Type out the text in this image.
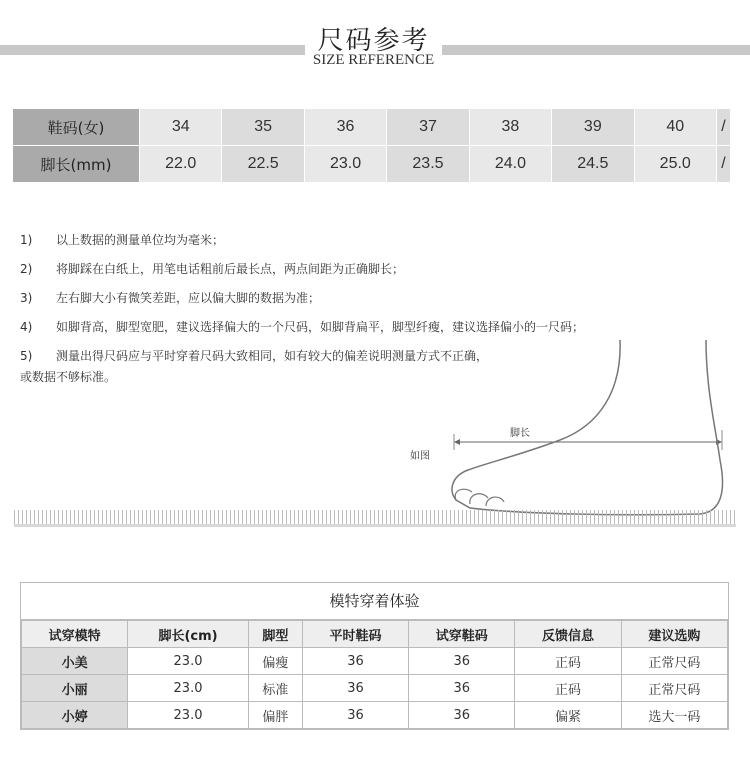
尺码参考
SIZE REFERENCE
鞋码(女)	34	35	36	37	38	39	40	/
脚长(mm)	22.0	22.5	23.0	23.5	24.0	24.5	25.0	/
1) 以上数据的测量单位均为毫米；
2) 将脚踩在白纸上，用笔电话粗前后最长点，两点间距为正确脚长；
3) 左右脚大小有微笑差距，应以偏大脚的数据为准；
4) 如脚背高，脚型宽肥，建议选择偏大的一个尺码，如脚背扁平，脚型纤瘦，建议选择偏小的一尺码；
5) 测量出得尺码应与平时穿着尺码大致相同，如有较大的偏差说明测量方式不正确，
或数据不够标准。
脚长
如图
模特穿着体验
试穿模特	脚长(cm)	脚型	平时鞋码	试穿鞋码	反馈信息	建议选购
小美	23.0	偏瘦	36	36	正码	正常尺码
小丽	23.0	标准	36	36	正码	正常尺码
小婷	23.0	偏胖	36	36	偏紧	选大一码
